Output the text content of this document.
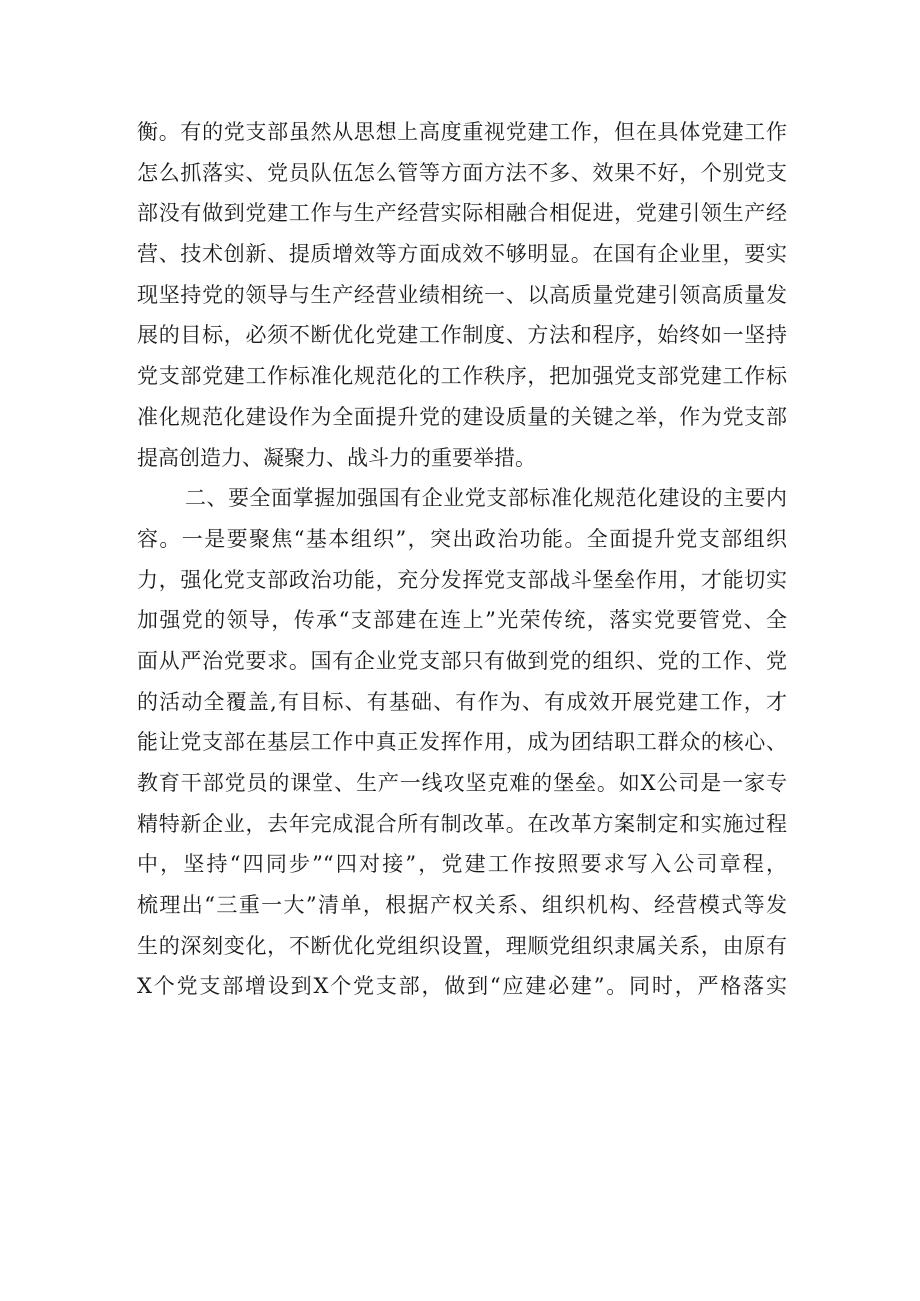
衡。有的党支部虽然从思想上高度重视党建工作，但在具体党建工作
怎么抓落实、党员队伍怎么管等方面方法不多、效果不好，个别党支
部没有做到党建工作与生产经营实际相融合相促进，党建引领生产经
营、技术创新、提质增效等方面成效不够明显。在国有企业里，要实
现坚持党的领导与生产经营业绩相统一、以高质量党建引领高质量发
展的目标，必须不断优化党建工作制度、方法和程序，始终如一坚持
党支部党建工作标准化规范化的工作秩序，把加强党支部党建工作标
准化规范化建设作为全面提升党的建设质量的关键之举，作为党支部
提高创造力、凝聚力、战斗力的重要举措。
二、要全面掌握加强国有企业党支部标准化规范化建设的主要内
容。一是要聚焦“基本组织”，突出政治功能。全面提升党支部组织
力，强化党支部政治功能，充分发挥党支部战斗堡垒作用，才能切实
加强党的领导，传承“支部建在连上”光荣传统，落实党要管党、全
面从严治党要求。国有企业党支部只有做到党的组织、党的工作、党
的活动全覆盖,有目标、有基础、有作为、有成效开展党建工作，才
能让党支部在基层工作中真正发挥作用，成为团结职工群众的核心、
教育干部党员的课堂、生产一线攻坚克难的堡垒。如X公司是一家专
精特新企业，去年完成混合所有制改革。在改革方案制定和实施过程
中，坚持“四同步”“四对接”，党建工作按照要求写入公司章程，
梳理出“三重一大”清单，根据产权关系、组织机构、经营模式等发
生的深刻变化，不断优化党组织设置，理顺党组织隶属关系，由原有
X个党支部增设到X个党支部，做到“应建必建”。同时，严格落实
